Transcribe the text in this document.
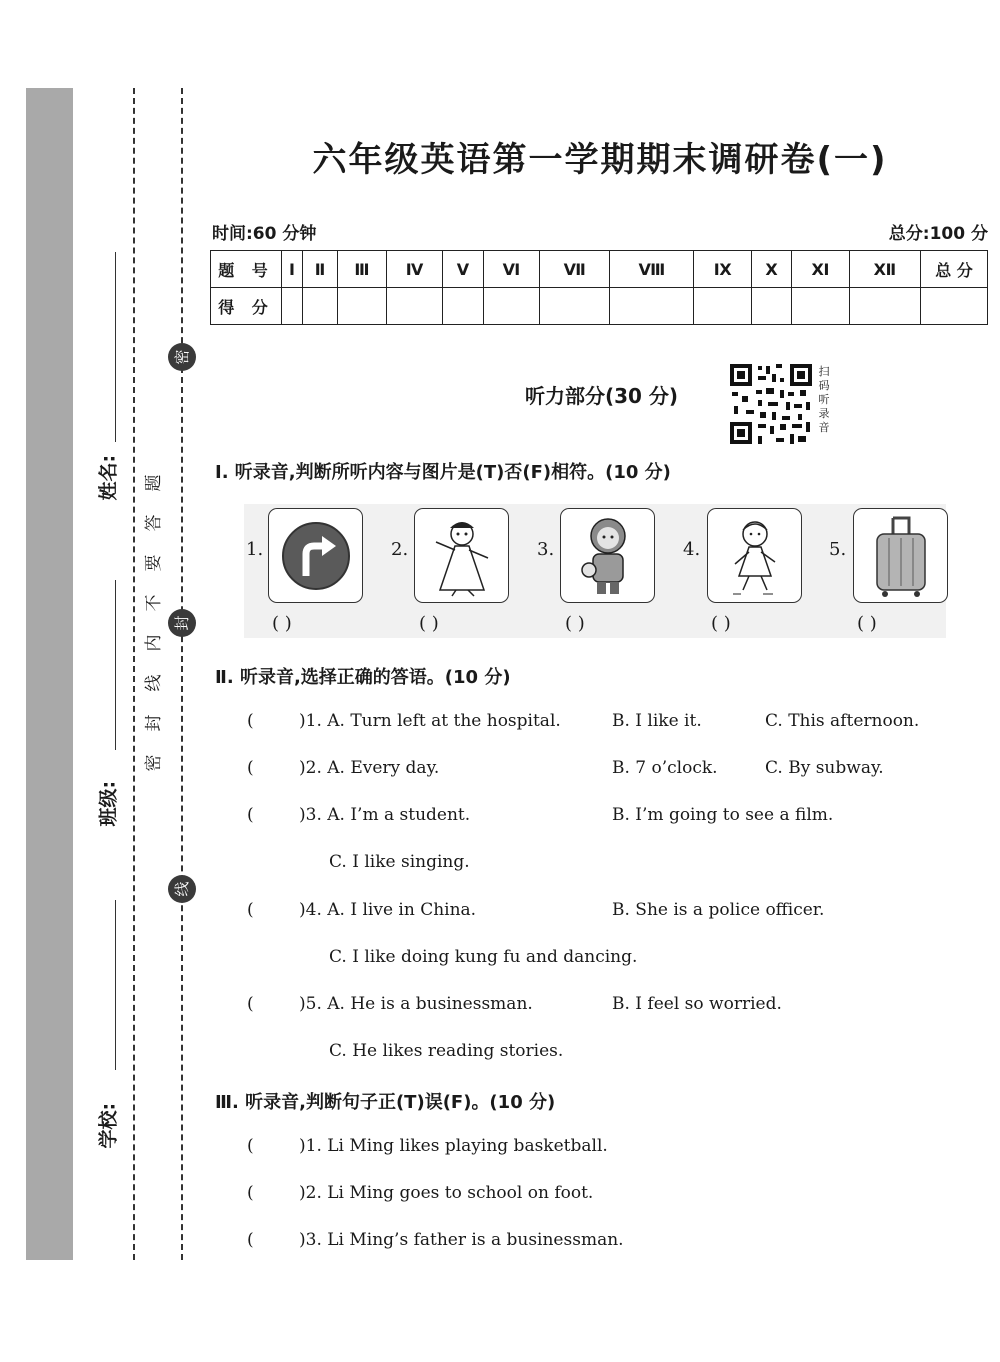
姓名:
班级:
学校:
密
封
线
密
封
线
内
不
要
答
题
六年级英语第一学期期末调研卷(一)
时间:60 分钟	总分:100 分
题 号	Ⅰ	Ⅱ	Ⅲ	Ⅳ	Ⅴ	Ⅵ	Ⅶ	Ⅷ	Ⅸ	Ⅹ	Ⅺ	Ⅻ	总 分
得 分													
听力部分(30 分)
扫码听录音
Ⅰ. 听录音,判断所听内容与图片是(T)否(F)相符。(10 分)
1.	2.	3.	4.	5.
( )	( )	( )	( )	( )
Ⅱ. 听录音,选择正确的答语。(10 分)
(	)1. A. Turn left at the hospital.	B. I like it.	C. This afternoon.
(	)2. A. Every day.	B. 7 o’clock.	C. By subway.
(	)3. A. I’m a student.	B. I’m going to see a film.
C. I like singing.
(	)4. A. I live in China.	B. She is a police officer.
C. I like doing kung fu and dancing.
(	)5. A. He is a businessman.	B. I feel so worried.
C. He likes reading stories.
Ⅲ. 听录音,判断句子正(T)误(F)。(10 分)
(	)1. Li Ming likes playing basketball.
(	)2. Li Ming goes to school on foot.
(	)3. Li Ming’s father is a businessman.
